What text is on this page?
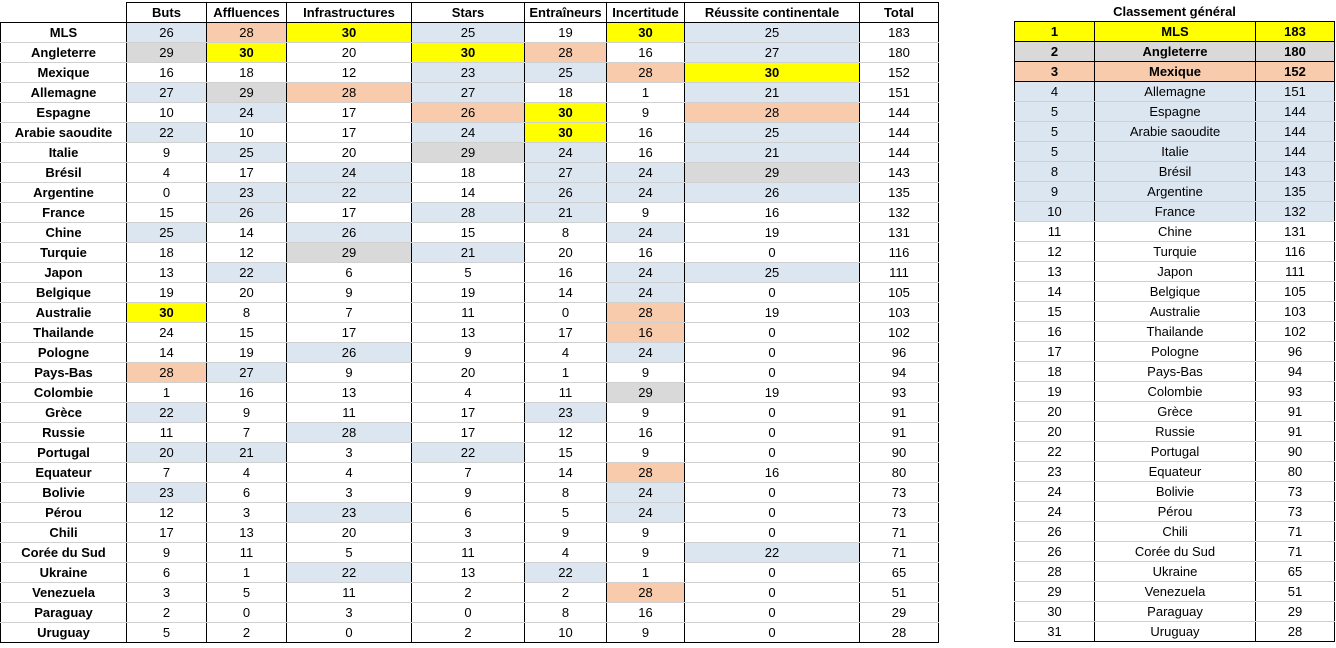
	Buts	Affluences	Infrastructures	Stars	Entraîneurs	Incertitude	Réussite continentale	Total
MLS	26	28	30	25	19	30	25	183
Angleterre	29	30	20	30	28	16	27	180
Mexique	16	18	12	23	25	28	30	152
Allemagne	27	29	28	27	18	1	21	151
Espagne	10	24	17	26	30	9	28	144
Arabie saoudite	22	10	17	24	30	16	25	144
Italie	9	25	20	29	24	16	21	144
Brésil	4	17	24	18	27	24	29	143
Argentine	0	23	22	14	26	24	26	135
France	15	26	17	28	21	9	16	132
Chine	25	14	26	15	8	24	19	131
Turquie	18	12	29	21	20	16	0	116
Japon	13	22	6	5	16	24	25	111
Belgique	19	20	9	19	14	24	0	105
Australie	30	8	7	11	0	28	19	103
Thailande	24	15	17	13	17	16	0	102
Pologne	14	19	26	9	4	24	0	96
Pays-Bas	28	27	9	20	1	9	0	94
Colombie	1	16	13	4	11	29	19	93
Grèce	22	9	11	17	23	9	0	91
Russie	11	7	28	17	12	16	0	91
Portugal	20	21	3	22	15	9	0	90
Equateur	7	4	4	7	14	28	16	80
Bolivie	23	6	3	9	8	24	0	73
Pérou	12	3	23	6	5	24	0	73
Chili	17	13	20	3	9	9	0	71
Corée du Sud	9	11	5	11	4	9	22	71
Ukraine	6	1	22	13	22	1	0	65
Venezuela	3	5	11	2	2	28	0	51
Paraguay	2	0	3	0	8	16	0	29
Uruguay	5	2	0	2	10	9	0	28
Classement général		
1	MLS	183
2	Angleterre	180
3	Mexique	152
4	Allemagne	151
5	Espagne	144
5	Arabie saoudite	144
5	Italie	144
8	Brésil	143
9	Argentine	135
10	France	132
11	Chine	131
12	Turquie	116
13	Japon	111
14	Belgique	105
15	Australie	103
16	Thailande	102
17	Pologne	96
18	Pays-Bas	94
19	Colombie	93
20	Grèce	91
20	Russie	91
22	Portugal	90
23	Equateur	80
24	Bolivie	73
24	Pérou	73
26	Chili	71
26	Corée du Sud	71
28	Ukraine	65
29	Venezuela	51
30	Paraguay	29
31	Uruguay	28
